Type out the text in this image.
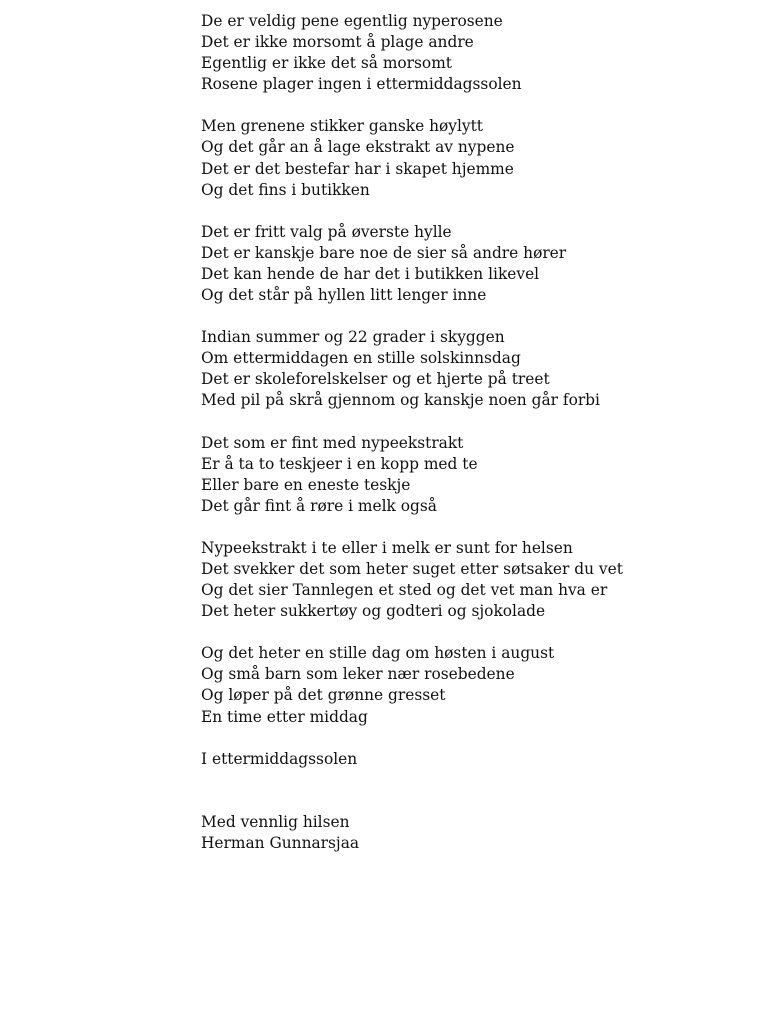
De er veldig pene egentlig nyperosene
Det er ikke morsomt å plage andre
Egentlig er ikke det så morsomt
Rosene plager ingen i ettermiddagssolen
Men grenene stikker ganske høylytt
Og det går an å lage ekstrakt av nypene
Det er det bestefar har i skapet hjemme
Og det fins i butikken
Det er fritt valg på øverste hylle
Det er kanskje bare noe de sier så andre hører
Det kan hende de har det i butikken likevel
Og det står på hyllen litt lenger inne
Indian summer og 22 grader i skyggen
Om ettermiddagen en stille solskinnsdag
Det er skoleforelskelser og et hjerte på treet
Med pil på skrå gjennom og kanskje noen går forbi
Det som er fint med nypeekstrakt
Er å ta to teskjeer i en kopp med te
Eller bare en eneste teskje
Det går fint å røre i melk også
Nypeekstrakt i te eller i melk er sunt for helsen
Det svekker det som heter suget etter søtsaker du vet
Og det sier Tannlegen et sted og det vet man hva er
Det heter sukkertøy og godteri og sjokolade
Og det heter en stille dag om høsten i august
Og små barn som leker nær rosebedene
Og løper på det grønne gresset
En time etter middag
I ettermiddagssolen
Med vennlig hilsen
Herman Gunnarsjaa
